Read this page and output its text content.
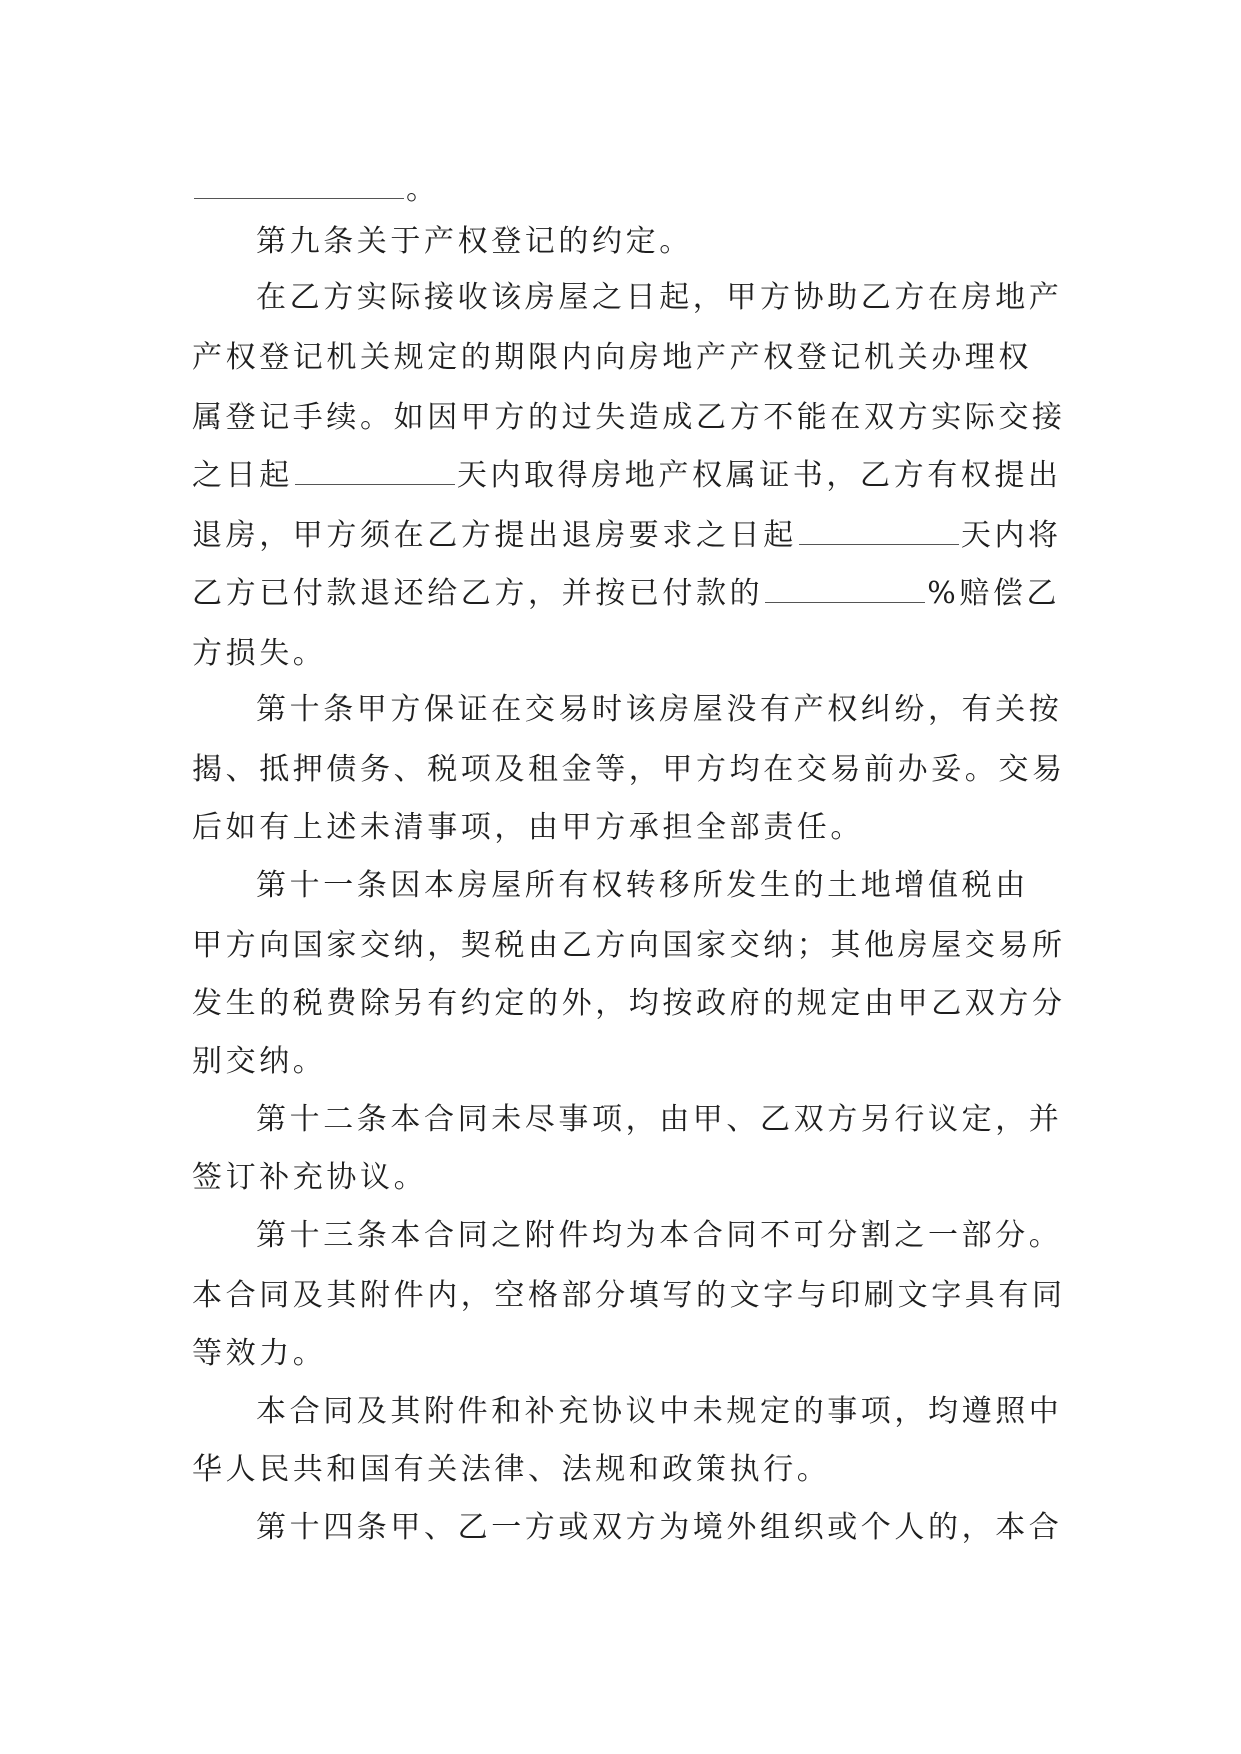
。
第九条关于产权登记的约定。
在乙方实际接收该房屋之日起，甲方协助乙方在房地产
产权登记机关规定的期限内向房地产产权登记机关办理权
属登记手续。如因甲方的过失造成乙方不能在双方实际交接
之日起	天内取得房地产权属证书，乙方有权提出
退房，甲方须在乙方提出退房要求之日起	天内将
乙方已付款退还给乙方，并按已付款的	%赔偿乙
方损失。
第十条甲方保证在交易时该房屋没有产权纠纷，有关按
揭、抵押债务、税项及租金等，甲方均在交易前办妥。交易
后如有上述未清事项，由甲方承担全部责任。
第十一条因本房屋所有权转移所发生的土地增值税由
甲方向国家交纳，契税由乙方向国家交纳；其他房屋交易所
发生的税费除另有约定的外，均按政府的规定由甲乙双方分
别交纳。
第十二条本合同未尽事项，由甲、乙双方另行议定，并
签订补充协议。
第十三条本合同之附件均为本合同不可分割之一部分。
本合同及其附件内，空格部分填写的文字与印刷文字具有同
等效力。
本合同及其附件和补充协议中未规定的事项，均遵照中
华人民共和国有关法律、法规和政策执行。
第十四条甲、乙一方或双方为境外组织或个人的，本合
